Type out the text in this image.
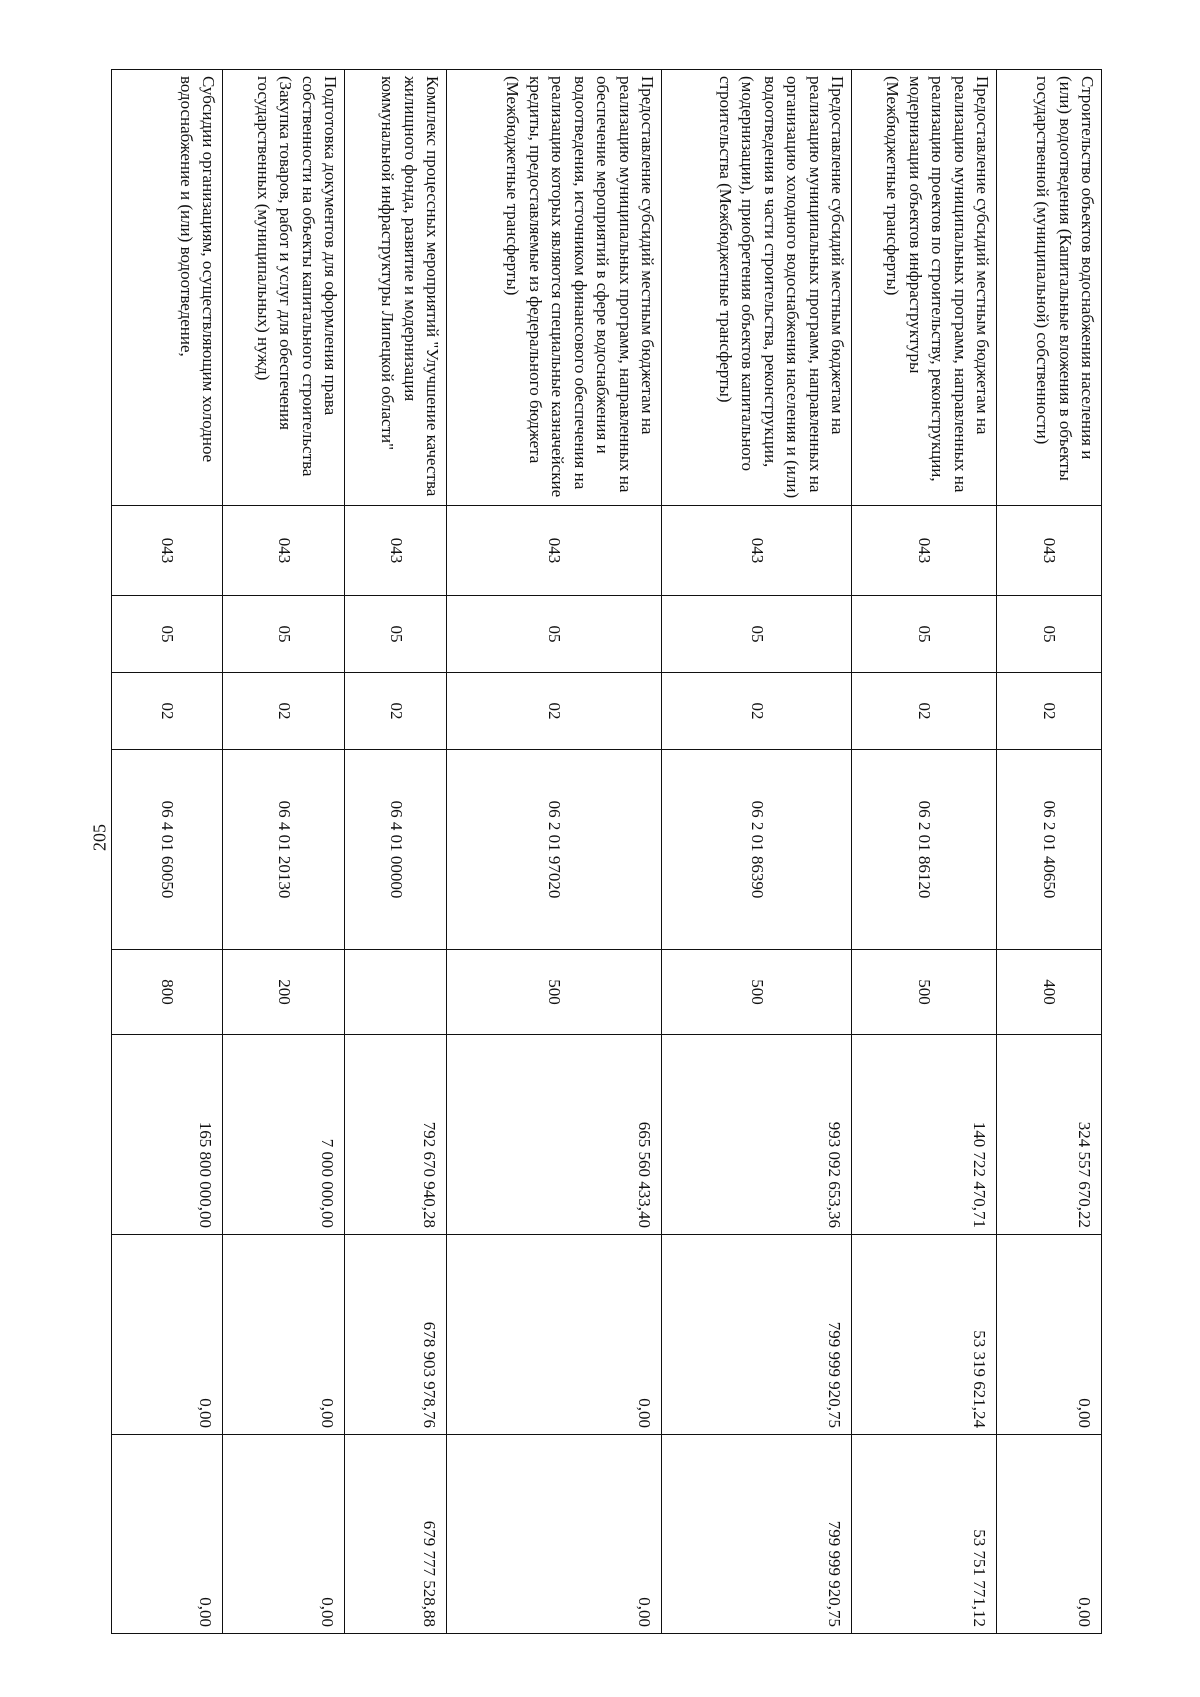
205
Строительство объектов водоснабжения населения и (или) водоотведения (Капитальные вложения в объекты государственной (муниципальной) собственности)	043	05	02	06 2 01 40650	400	324 557 670,22	0,00	0,00
Предоставление субсидий местным бюджетам на реализацию муниципальных программ, направленных на реализацию проектов по строительству, реконструкции, модернизации объектов инфраструктуры (Межбюджетные трансферты)	043	05	02	06 2 01 86120	500	140 722 470,71	53 319 621,24	53 751 771,12
Предоставление субсидий местным бюджетам на реализацию муниципальных программ, направленных на организацию холодного водоснабжения населения и (или) водоотведения в части строительства, реконструкции, (модернизации), приобретения объектов капитального строительства (Межбюджетные трансферты)	043	05	02	06 2 01 86390	500	993 092 653,36	799 999 920,75	799 999 920,75
Предоставление субсидий местным бюджетам на реализацию муниципальных программ, направленных на обеспечение мероприятий в сфере водоснабжения и водоотведения, источником финансового обеспечения на реализацию которых являются специальные казначейские кредиты, предоставляемые из федерального бюджета (Межбюджетные трансферты)	043	05	02	06 2 01 97020	500	665 560 433,40	0,00	0,00
Комплекс процессных мероприятий "Улучшение качества жилищного фонда, развитие и модернизация коммунальной инфраструктуры Липецкой области"	043	05	02	06 4 01 00000		792 670 940,28	678 903 978,76	679 777 528,88
Подготовка документов для оформления права собственности на объекты капитального строительства (Закупка товаров, работ и услуг для обеспечения государственных (муниципальных) нужд)	043	05	02	06 4 01 20130	200	7 000 000,00	0,00	0,00
Субсидии организациям, осуществляющим холодное водоснабжение и (или) водоотведение,	043	05	02	06 4 01 60050	800	165 800 000,00	0,00	0,00
